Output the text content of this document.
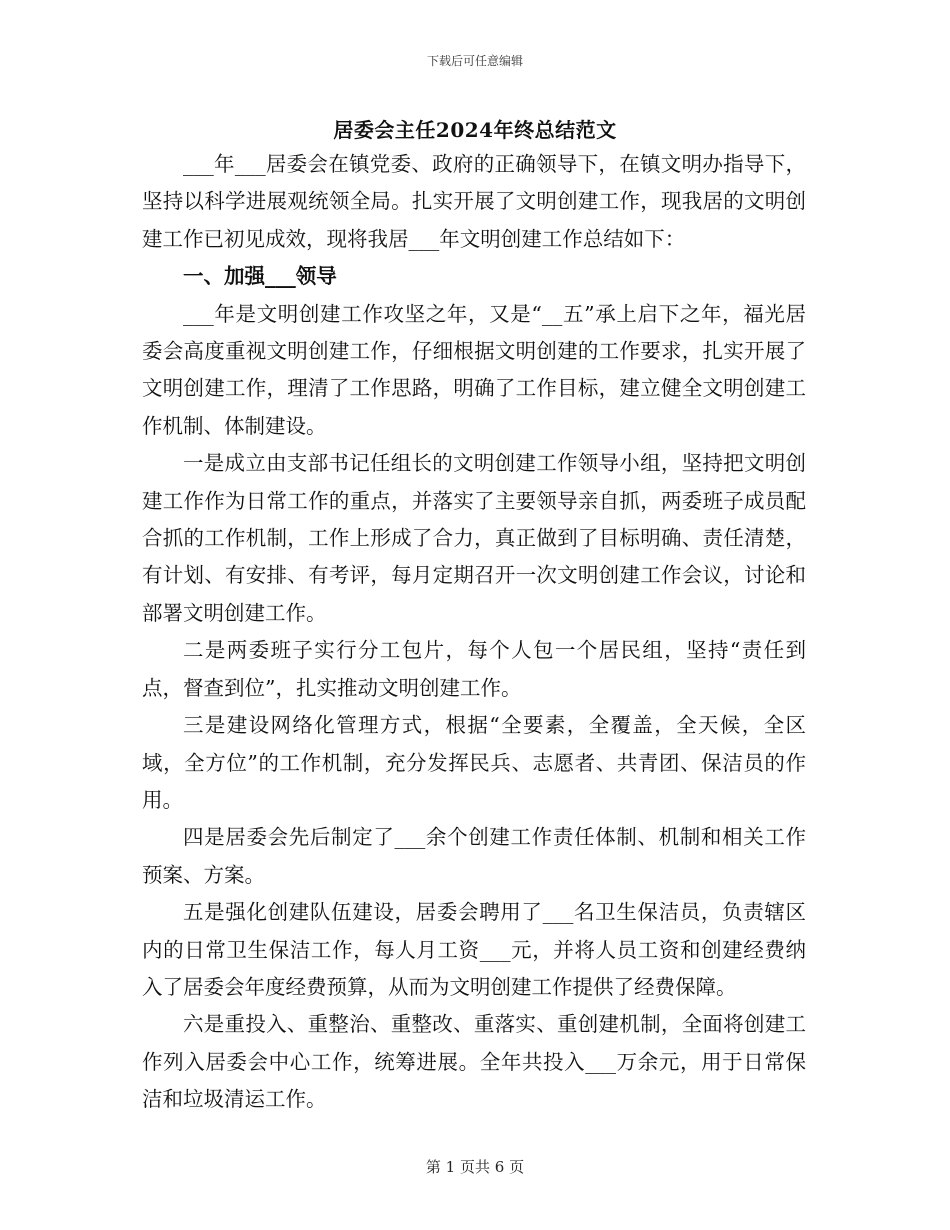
下载后可任意编辑
居委会主任2024年终总结范文

___年___居委会在镇党委、政府的正确领导下，在镇文明办指导下，坚持以科学进展观统领全局。扎实开展了文明创建工作，现我居的文明创建工作已初见成效，现将我居___年文明创建工作总结如下：

一、加强___领导

___年是文明创建工作攻坚之年，又是“__五”承上启下之年，福光居委会高度重视文明创建工作，仔细根据文明创建的工作要求，扎实开展了文明创建工作，理清了工作思路，明确了工作目标，建立健全文明创建工作机制、体制建设。

一是成立由支部书记任组长的文明创建工作领导小组，坚持把文明创建工作作为日常工作的重点，并落实了主要领导亲自抓，两委班子成员配合抓的工作机制，工作上形成了合力，真正做到了目标明确、责任清楚，有计划、有安排、有考评，每月定期召开一次文明创建工作会议，讨论和部署文明创建工作。

二是两委班子实行分工包片，每个人包一个居民组，坚持“责任到点，督查到位”，扎实推动文明创建工作。

三是建设网络化管理方式，根据“全要素，全覆盖，全天候，全区域，全方位”的工作机制，充分发挥民兵、志愿者、共青团、保洁员的作用。

四是居委会先后制定了___余个创建工作责任体制、机制和相关工作预案、方案。

五是强化创建队伍建设，居委会聘用了___名卫生保洁员，负责辖区内的日常卫生保洁工作，每人月工资___元，并将人员工资和创建经费纳入了居委会年度经费预算，从而为文明创建工作提供了经费保障。

六是重投入、重整治、重整改、重落实、重创建机制，全面将创建工作列入居委会中心工作，统筹进展。全年共投入___万余元，用于日常保洁和垃圾清运工作。

第 1 页共 6 页
